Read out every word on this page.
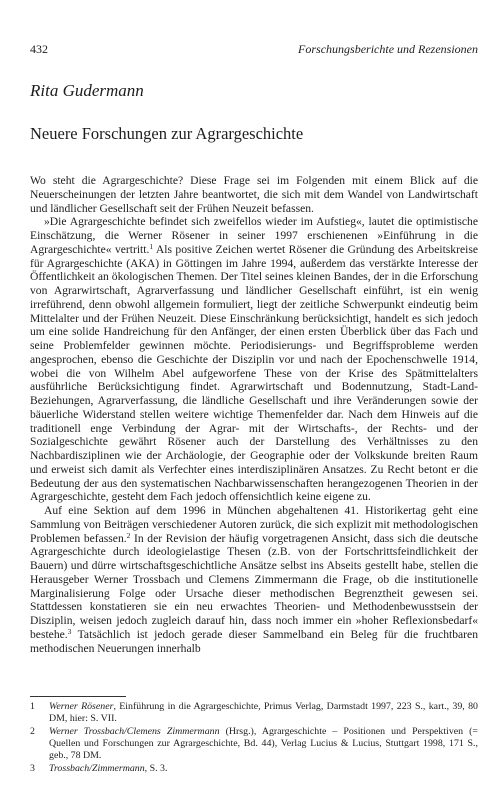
432	Forschungsberichte und Rezensionen
Rita Gudermann
Neuere Forschungen zur Agrargeschichte

Wo steht die Agrargeschichte? Diese Frage sei im Folgenden mit einem Blick auf die Neuerscheinungen der letzten Jahre beantwortet, die sich mit dem Wandel von Landwirtschaft und ländlicher Gesellschaft seit der Frühen Neuzeit befassen.

»Die Agrargeschichte befindet sich zweifellos wieder im Aufstieg«, lautet die optimistische Einschätzung, die Werner Rösener in seiner 1997 erschienenen »Einführung in die Agrargeschichte« vertritt.$^1$ Als positive Zeichen wertet Rösener die Gründung des Arbeitskreise für Agrargeschichte (AKA) in Göttingen im Jahre 1994, außerdem das verstärkte Interesse der Öffentlichkeit an ökologischen Themen. Der Titel seines kleinen Bandes, der in die Erforschung von Agrarwirtschaft, Agrarverfassung und ländlicher Gesellschaft einführt, ist ein wenig irreführend, denn obwohl allgemein formuliert, liegt der zeitliche Schwerpunkt eindeutig beim Mittelalter und der Frühen Neuzeit. Diese Einschränkung berücksichtigt, handelt es sich jedoch um eine solide Handreichung für den Anfänger, der einen ersten Überblick über das Fach und seine Problemfelder gewinnen möchte. Periodisierungs- und Begriffsprobleme werden angesprochen, ebenso die Geschichte der Disziplin vor und nach der Epochenschwelle 1914, wobei die von Wilhelm Abel aufgeworfene These von der Krise des Spätmittelalters ausführliche Berücksichtigung findet. Agrarwirtschaft und Bodennutzung, Stadt-Land-Beziehungen, Agrarverfassung, die ländliche Gesellschaft und ihre Veränderungen sowie der bäuerliche Widerstand stellen weitere wichtige Themenfelder dar. Nach dem Hinweis auf die traditionell enge Verbindung der Agrar- mit der Wirtschafts-, der Rechts- und der Sozialgeschichte gewährt Rösener auch der Darstellung des Verhältnisses zu den Nachbardisziplinen wie der Archäologie, der Geographie oder der Volkskunde breiten Raum und erweist sich damit als Verfechter eines interdisziplinären Ansatzes. Zu Recht betont er die Bedeutung der aus den systematischen Nachbarwissenschaften herangezogenen Theorien in der Agrargeschichte, gesteht dem Fach jedoch offensichtlich keine eigene zu.

Auf eine Sektion auf dem 1996 in München abgehaltenen 41. Historikertag geht eine Sammlung von Beiträgen verschiedener Autoren zurück, die sich explizit mit methodologischen Problemen befassen.$^2$ In der Revision der häufig vorgetragenen Ansicht, dass sich die deutsche Agrargeschichte durch ideologielastige Thesen (z.B. von der Fortschrittsfeindlichkeit der Bauern) und dürre wirtschaftsgeschichtliche Ansätze selbst ins Abseits gestellt habe, stellen die Herausgeber Werner Trossbach und Clemens Zimmermann die Frage, ob die institutionelle Marginalisierung Folge oder Ursache dieser methodischen Begrenztheit gewesen sei. Stattdessen konstatieren sie ein neu erwachtes Theorien- und Methodenbewusstsein der Disziplin, weisen jedoch zugleich darauf hin, dass noch immer ein »hoher Reflexionsbedarf« bestehe.$^3$ Tatsächlich ist jedoch gerade dieser Sammelband ein Beleg für die fruchtbaren methodischen Neuerungen innerhalb

1 Werner Rösener, Einführung in die Agrargeschichte, Primus Verlag, Darmstadt 1997, 223 S., kart., 39, 80 DM, hier: S. VII.
2 Werner Trossbach/Clemens Zimmermann (Hrsg.), Agrargeschichte – Positionen und Perspektiven (= Quellen und Forschungen zur Agrargeschichte, Bd. 44), Verlag Lucius & Lucius, Stuttgart 1998, 171 S., geb., 78 DM.
3 Trossbach/Zimmermann, S. 3.
